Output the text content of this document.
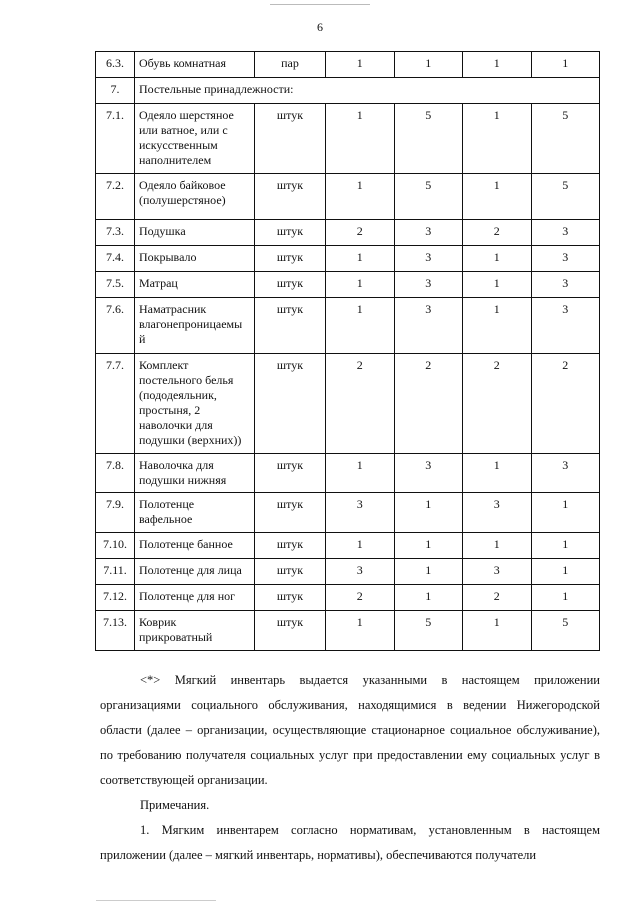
6
6.3.	Обувь комнатная	пар	1	1	1	1
7.	Постельные принадлежности:					
7.1.	Одеяло шерстяное или ватное, или с искусственным наполнителем	штук	1	5	1	5
7.2.	Одеяло байковое (полушерстяное)	штук	1	5	1	5
7.3.	Подушка	штук	2	3	2	3
7.4.	Покрывало	штук	1	3	1	3
7.5.	Матрац	штук	1	3	1	3
7.6.	Наматрасник влагонепроницаемы й	штук	1	3	1	3
7.7.	Комплект постельного белья (пододеяльник, простыня, 2 наволочки для подушки (верхних))	штук	2	2	2	2
7.8.	Наволочка для подушки нижняя	штук	1	3	1	3
7.9.	Полотенце вафельное	штук	3	1	3	1
7.10.	Полотенце банное	штук	1	1	1	1
7.11.	Полотенце для лица	штук	3	1	3	1
7.12.	Полотенце для ног	штук	2	1	2	1
7.13.	Коврик прикроватный	штук	1	5	1	5

<*> Мягкий инвентарь выдается указанными в настоящем приложении организациями социального обслуживания, находящимися в ведении Нижегородской области (далее – организации, осуществляющие стационарное социальное обслуживание), по требованию получателя социальных услуг при предоставлении ему социальных услуг в соответствующей организации.

Примечания.

1. Мягким инвентарем согласно нормативам, установленным в настоящем приложении (далее – мягкий инвентарь, нормативы), обеспечиваются получатели
